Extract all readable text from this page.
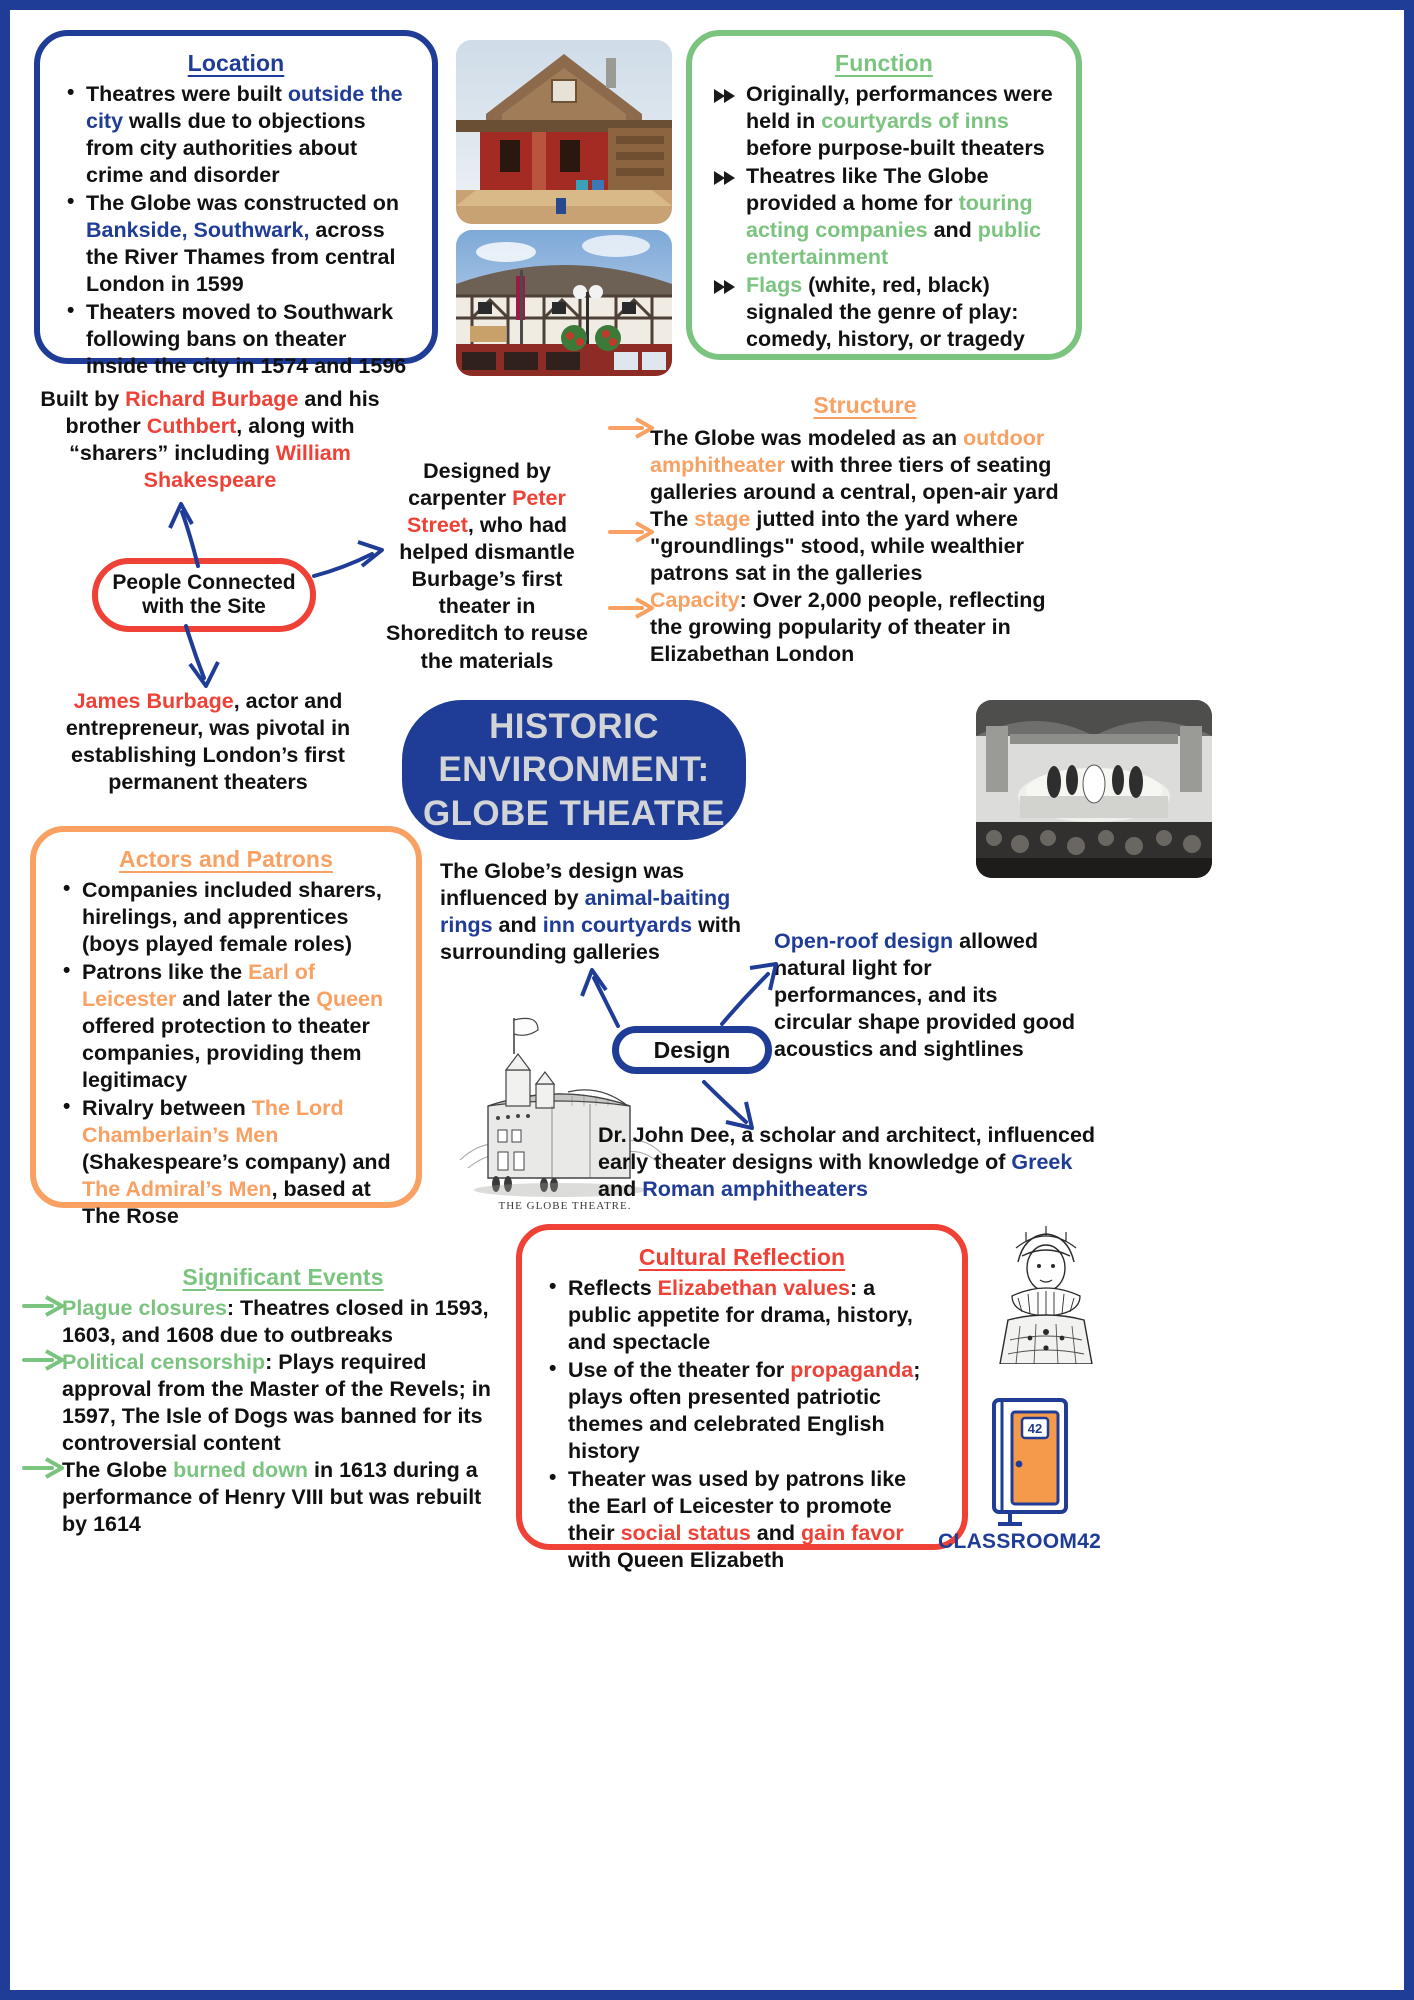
THE GLOBE THEATRE.
Location
• Theatres were built outside the city walls due to objections from city authorities about crime and disorder
• The Globe was constructed on Bankside, Southwark, across the River Thames from central London in 1599
• Theaters moved to Southwark following bans on theater inside the city in 1574 and 1596
Function
Originally, performances were held in courtyards of inns before purpose-built theaters
Theatres like The Globe provided a home for touring acting companies and public entertainment
Flags (white, red, black) signaled the genre of play: comedy, history, or tragedy
Built by Richard Burbage and his brother Cuthbert, along with “sharers” including William Shakespeare	Designed by carpenter Peter Street, who had helped dismantle Burbage’s first theater in Shoreditch to reuse the materials
Structure
The Globe was modeled as an outdoor amphitheater with three tiers of seating galleries around a central, open-air yard
The stage jutted into the yard where "groundlings" stood, while wealthier patrons sat in the galleries
Capacity: Over 2,000 people, reflecting the growing popularity of theater in Elizabethan London
People Connected with the Site
James Burbage, actor and entrepreneur, was pivotal in establishing London’s first permanent theaters
HISTORIC
ENVIRONMENT:
GLOBE THEATRE
Actors and Patrons
• Companies included sharers, hirelings, and apprentices (boys played female roles)
• Patrons like the Earl of Leicester and later the Queen offered protection to theater companies, providing them legitimacy
• Rivalry between The Lord Chamberlain’s Men (Shakespeare’s company) and The Admiral’s Men, based at The Rose
The Globe’s design was influenced by animal-baiting rings and inn courtyards with surrounding galleries	Open-roof design allowed natural light for performances, and its circular shape provided good acoustics and sightlines
Design
Dr. John Dee, a scholar and architect, influenced early theater designs with knowledge of Greek and Roman amphitheaters
Significant Events
Plague closures: Theatres closed in 1593, 1603, and 1608 due to outbreaks
Political censorship: Plays required approval from the Master of the Revels; in 1597, The Isle of Dogs was banned for its controversial content
The Globe burned down in 1613 during a performance of Henry VIII but was rebuilt by 1614
Cultural Reflection
• Reflects Elizabethan values: a public appetite for drama, history, and spectacle
• Use of the theater for propaganda; plays often presented patriotic themes and celebrated English history
• Theater was used by patrons like the Earl of Leicester to promote their social status and gain favor with Queen Elizabeth
42
CLASSROOM42
